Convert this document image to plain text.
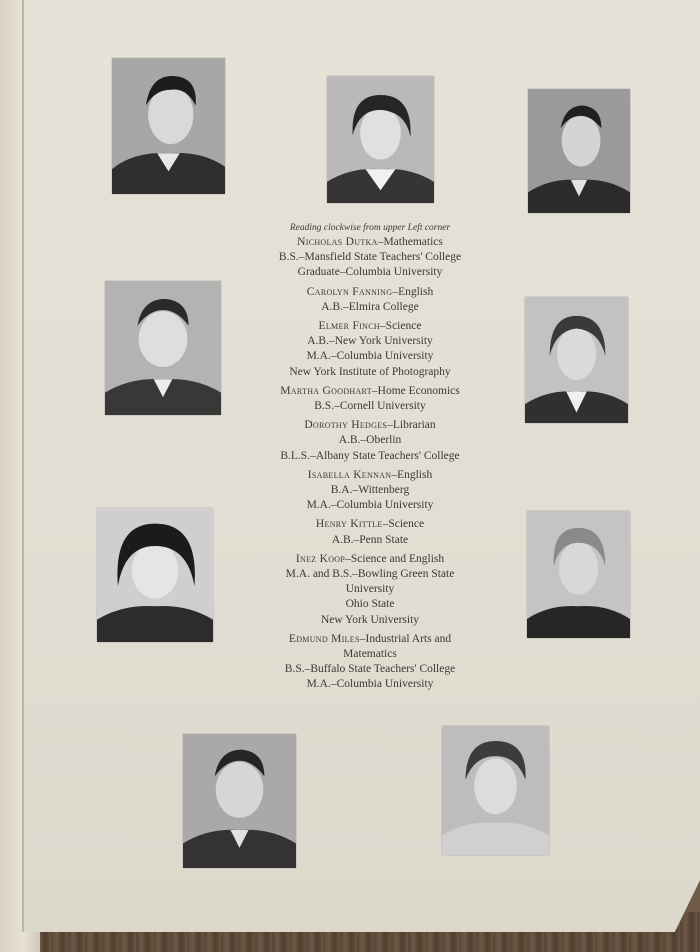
Reading clockwise from upper Left corner
Nicholas Dutka–Mathematics
B.S.–Mansfield State Teachers' College
Graduate–Columbia University
Carolyn Fanning–English
A.B.–Elmira College
Elmer Finch–Science
A.B.–New York University
M.A.–Columbia University
New York Institute of Photography
Martha Goodhart–Home Economics
B.S.–Cornell University
Dorothy Hedges–Librarian
A.B.–Oberlin
B.L.S.–Albany State Teachers' College
Isabella Kennan–English
B.A.–Wittenberg
M.A.–Columbia University
Henry Kittle–Science
A.B.–Penn State
Inez Koop–Science and English
M.A. and B.S.–Bowling Green State
University
Ohio State
New York University
Edmund Miles–Industrial Arts and
Matematics
B.S.–Buffalo State Teachers' College
M.A.–Columbia University
